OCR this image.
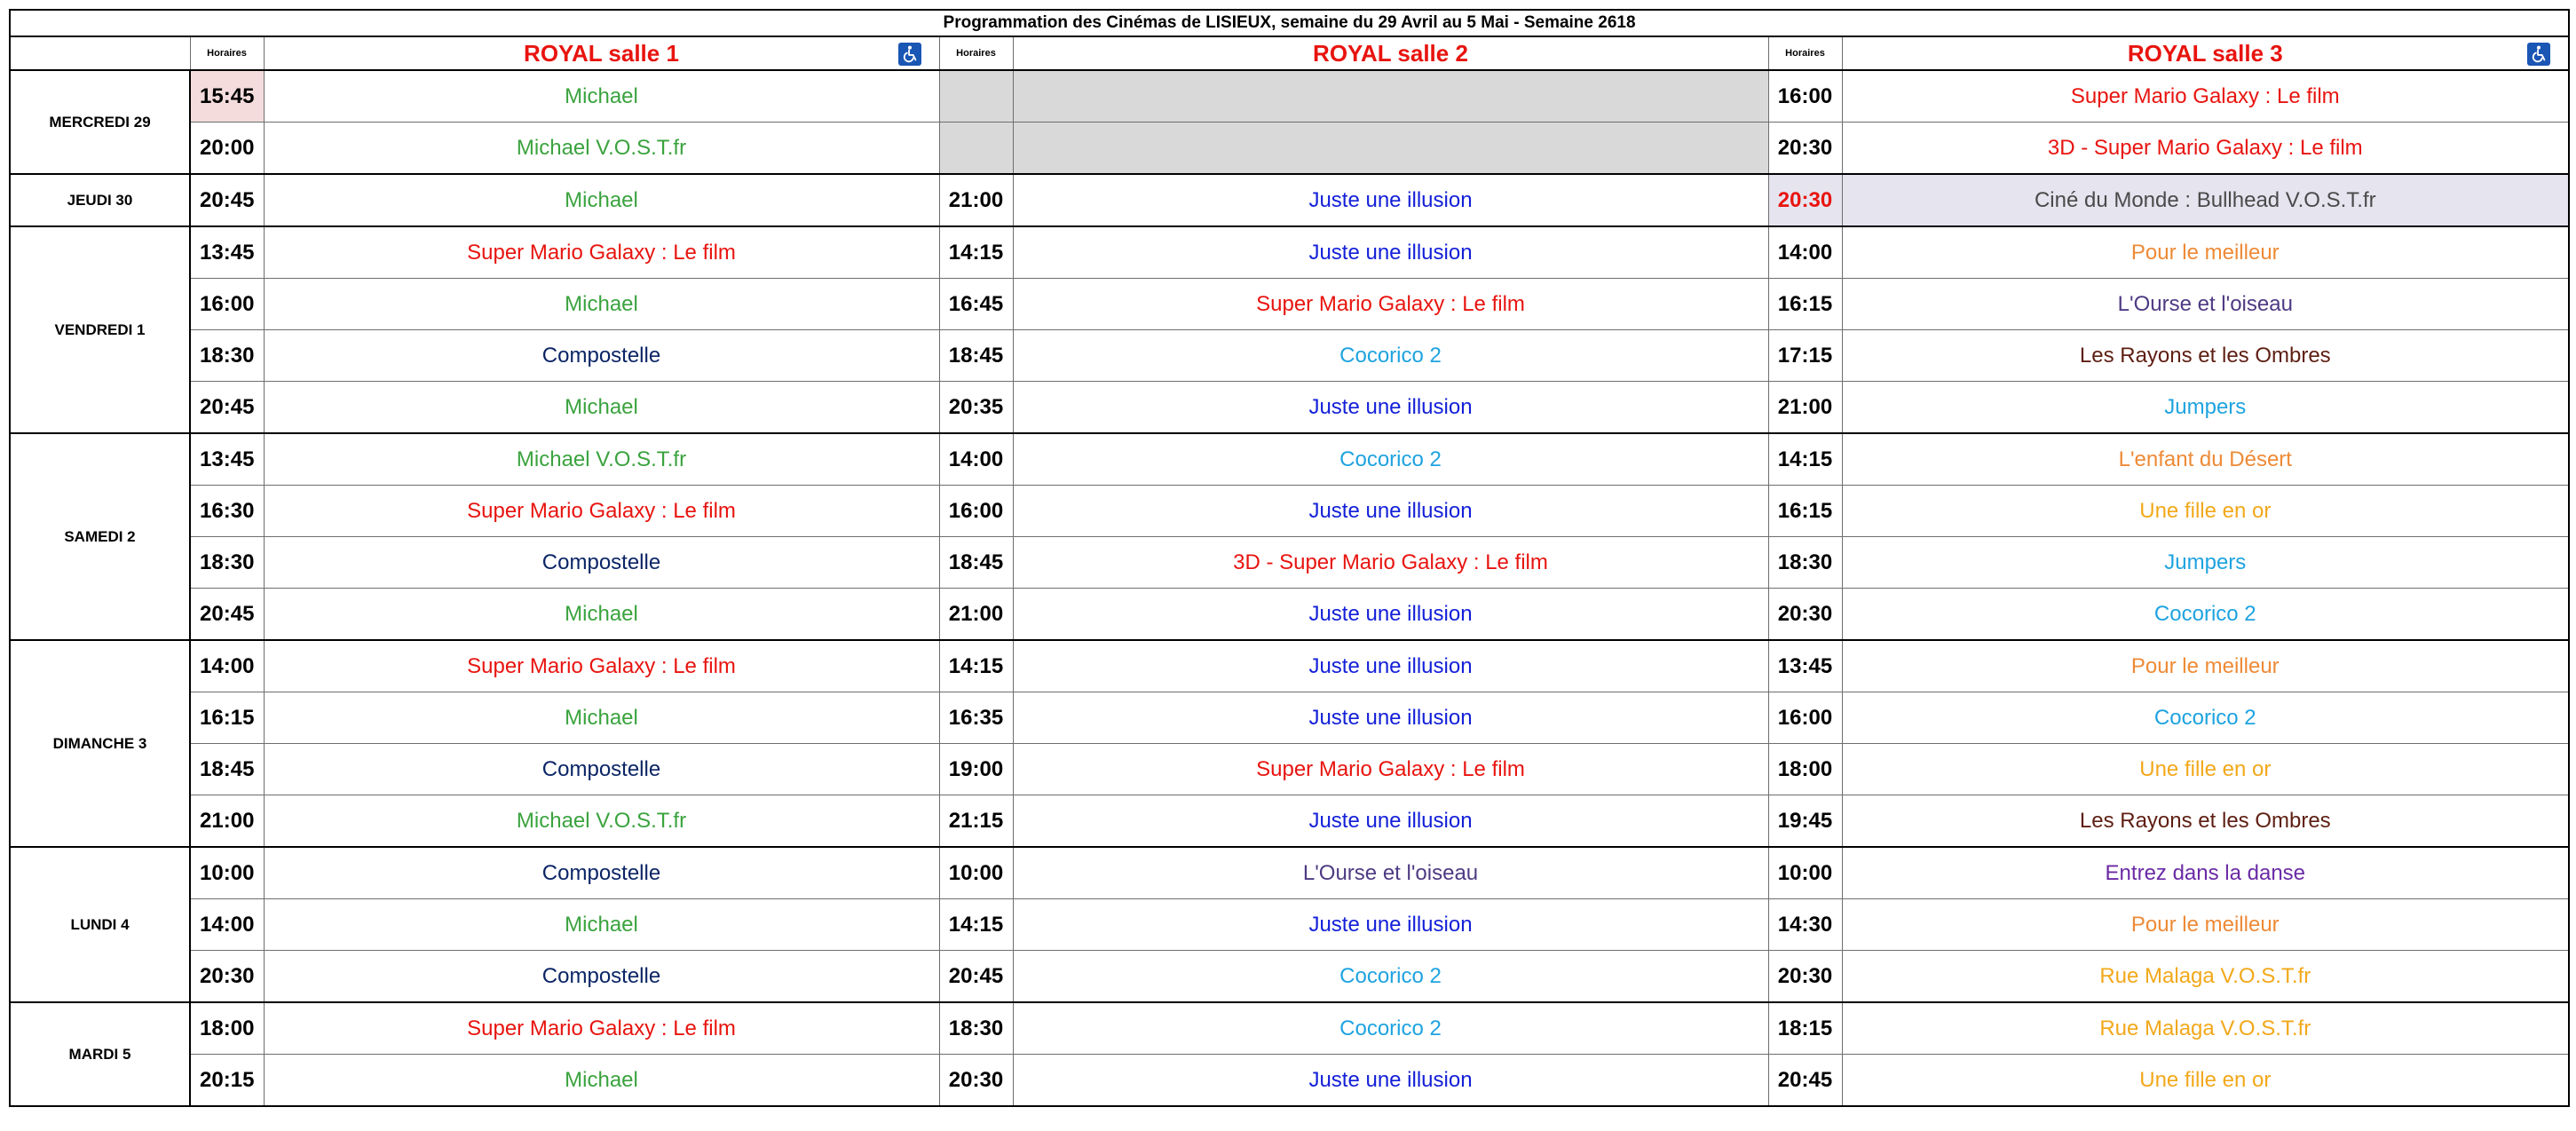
Programmation des Cinémas de LISIEUX, semaine du 29 Avril au 5 Mai - Semaine 2618						
	Horaires	ROYAL salle 1	Horaires	ROYAL salle 2	Horaires	ROYAL salle 3

MERCREDI 29	15:45	Michael			16:00	Super Mario Galaxy : Le film
	20:00	Michael V.O.S.T.fr			20:30	3D - Super Mario Galaxy : Le film
JEUDI 30	20:45	Michael	21:00	Juste une illusion	20:30	Ciné du Monde : Bullhead V.O.S.T.fr
VENDREDI 1	13:45	Super Mario Galaxy : Le film	14:15	Juste une illusion	14:00	Pour le meilleur
	16:00	Michael	16:45	Super Mario Galaxy : Le film	16:15	L'Ourse et l'oiseau
	18:30	Compostelle	18:45	Cocorico 2	17:15	Les Rayons et les Ombres
	20:45	Michael	20:35	Juste une illusion	21:00	Jumpers
SAMEDI 2	13:45	Michael V.O.S.T.fr	14:00	Cocorico 2	14:15	L'enfant du Désert
	16:30	Super Mario Galaxy : Le film	16:00	Juste une illusion	16:15	Une fille en or
	18:30	Compostelle	18:45	3D - Super Mario Galaxy : Le film	18:30	Jumpers
	20:45	Michael	21:00	Juste une illusion	20:30	Cocorico 2
DIMANCHE 3	14:00	Super Mario Galaxy : Le film	14:15	Juste une illusion	13:45	Pour le meilleur
	16:15	Michael	16:35	Juste une illusion	16:00	Cocorico 2
	18:45	Compostelle	19:00	Super Mario Galaxy : Le film	18:00	Une fille en or
	21:00	Michael V.O.S.T.fr	21:15	Juste une illusion	19:45	Les Rayons et les Ombres
LUNDI 4	10:00	Compostelle	10:00	L'Ourse et l'oiseau	10:00	Entrez dans la danse
	14:00	Michael	14:15	Juste une illusion	14:30	Pour le meilleur
	20:30	Compostelle	20:45	Cocorico 2	20:30	Rue Malaga V.O.S.T.fr
MARDI 5	18:00	Super Mario Galaxy : Le film	18:30	Cocorico 2	18:15	Rue Malaga V.O.S.T.fr
	20:15	Michael	20:30	Juste une illusion	20:45	Une fille en or
